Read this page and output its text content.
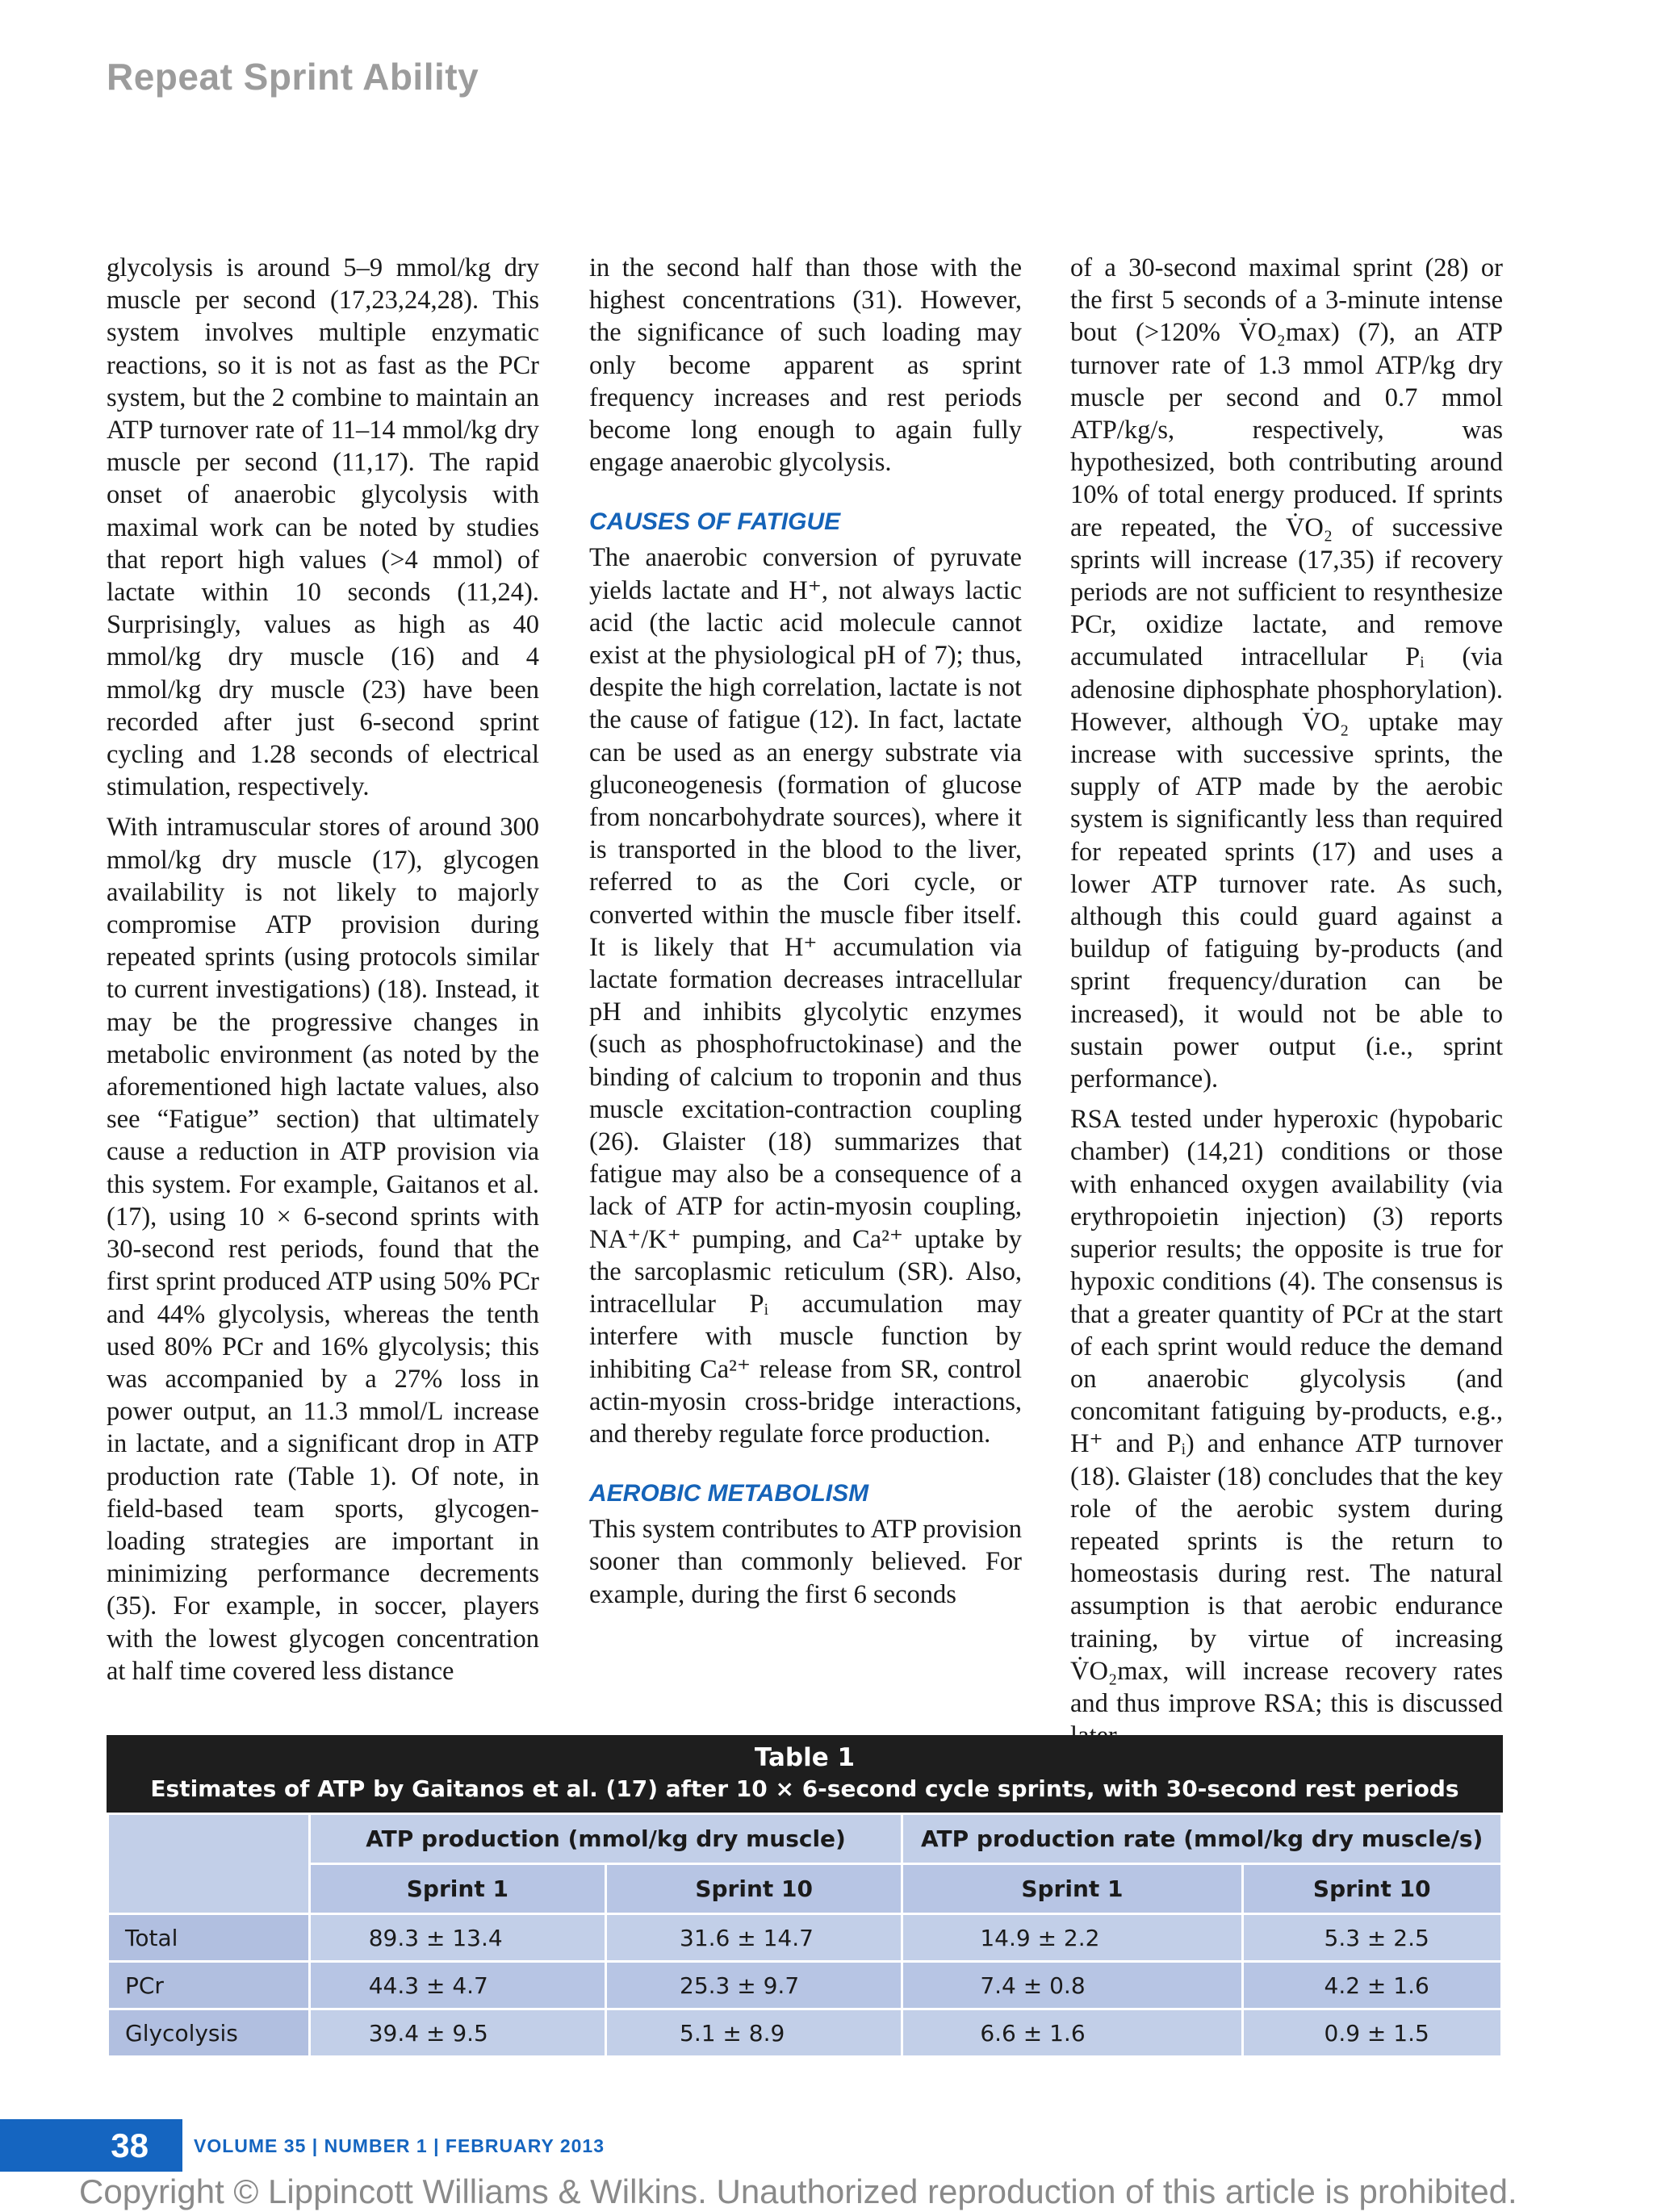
Repeat Sprint Ability

glycolysis is around 5–9 mmol/kg dry muscle per second (17,23,24,28). This system involves multiple enzymatic reactions, so it is not as fast as the PCr system, but the 2 combine to maintain an ATP turnover rate of 11–14 mmol/kg dry muscle per second (11,17). The rapid onset of anaerobic glycolysis with maximal work can be noted by studies that report high values (>4 mmol) of lactate within 10 seconds (11,24). Surprisingly, values as high as 40 mmol/kg dry muscle (16) and 4 mmol/kg dry muscle (23) have been recorded after just 6-second sprint cycling and 1.28 seconds of electrical stimulation, respectively.

With intramuscular stores of around 300 mmol/kg dry muscle (17), glycogen availability is not likely to majorly compromise ATP provision during repeated sprints (using protocols similar to current investigations) (18). Instead, it may be the progressive changes in metabolic environment (as noted by the aforementioned high lactate values, also see “Fatigue” section) that ultimately cause a reduction in ATP provision via this system. For example, Gaitanos et al. (17), using 10 × 6-second sprints with 30-second rest periods, found that the first sprint produced ATP using 50% PCr and 44% glycolysis, whereas the tenth used 80% PCr and 16% glycolysis; this was accompanied by a 27% loss in power output, an 11.3 mmol/L increase in lactate, and a significant drop in ATP production rate (Table 1). Of note, in field-based team sports, glycogen-loading strategies are important in minimizing performance decrements (35). For example, in soccer, players with the lowest glycogen concentration at half time covered less distance

in the second half than those with the highest concentrations (31). However, the significance of such loading may only become apparent as sprint frequency increases and rest periods become long enough to again fully engage anaerobic glycolysis.

CAUSES OF FATIGUE

The anaerobic conversion of pyruvate yields lactate and H⁺, not always lactic acid (the lactic acid molecule cannot exist at the physiological pH of 7); thus, despite the high correlation, lactate is not the cause of fatigue (12). In fact, lactate can be used as an energy substrate via gluconeogenesis (formation of glucose from noncarbohydrate sources), where it is transported in the blood to the liver, referred to as the Cori cycle, or converted within the muscle fiber itself. It is likely that H⁺ accumulation via lactate formation decreases intracellular pH and inhibits glycolytic enzymes (such as phosphofructokinase) and the binding of calcium to troponin and thus muscle excitation-contraction coupling (26). Glaister (18) summarizes that fatigue may also be a consequence of a lack of ATP for actin-myosin coupling, NA⁺/K⁺ pumping, and Ca²⁺ uptake by the sarcoplasmic reticulum (SR). Also, intracellular Pᵢ accumulation may interfere with muscle function by inhibiting Ca²⁺ release from SR, control actin-myosin cross-bridge interactions, and thereby regulate force production.

AEROBIC METABOLISM

This system contributes to ATP provision sooner than commonly believed. For example, during the first 6 seconds

of a 30-second maximal sprint (28) or the first 5 seconds of a 3-minute intense bout (>120% V̇O₂max) (7), an ATP turnover rate of 1.3 mmol ATP/kg dry muscle per second and 0.7 mmol ATP/kg/s, respectively, was hypothesized, both contributing around 10% of total energy produced. If sprints are repeated, the V̇O₂ of successive sprints will increase (17,35) if recovery periods are not sufficient to resynthesize PCr, oxidize lactate, and remove accumulated intracellular Pᵢ (via adenosine diphosphate phosphorylation). However, although V̇O₂ uptake may increase with successive sprints, the supply of ATP made by the aerobic system is significantly less than required for repeated sprints (17) and uses a lower ATP turnover rate. As such, although this could guard against a buildup of fatiguing by-products (and sprint frequency/duration can be increased), it would not be able to sustain power output (i.e., sprint performance).

RSA tested under hyperoxic (hypobaric chamber) (14,21) conditions or those with enhanced oxygen availability (via erythropoietin injection) (3) reports superior results; the opposite is true for hypoxic conditions (4). The consensus is that a greater quantity of PCr at the start of each sprint would reduce the demand on anaerobic glycolysis (and concomitant fatiguing by-products, e.g., H⁺ and Pᵢ) and enhance ATP turnover (18). Glaister (18) concludes that the key role of the aerobic system during repeated sprints is the return to homeostasis during rest. The natural assumption is that aerobic endurance training, by virtue of increasing V̇O₂max, will increase recovery rates and thus improve RSA; this is discussed

Table 1
Estimates of ATP by Gaitanos et al. (17) after 10 × 6-second cycle sprints, with 30-second rest periods
	ATP production (mmol/kg dry muscle)		ATP production rate (mmol/kg dry muscle/s)	
	Sprint 1	Sprint 10	Sprint 1	Sprint 10
Total	89.3 ± 13.4	31.6 ± 14.7	14.9 ± 2.2	5.3 ± 2.5
PCr	44.3 ± 4.7	25.3 ± 9.7	7.4 ± 0.8	4.2 ± 1.6
Glycolysis	39.4 ± 9.5	5.1 ± 8.9	6.6 ± 1.6	0.9 ± 1.5
38	VOLUME 35 | NUMBER 1 | FEBRUARY 2013
Copyright © Lippincott Williams & Wilkins. Unauthorized reproduction of this article is prohibited.
